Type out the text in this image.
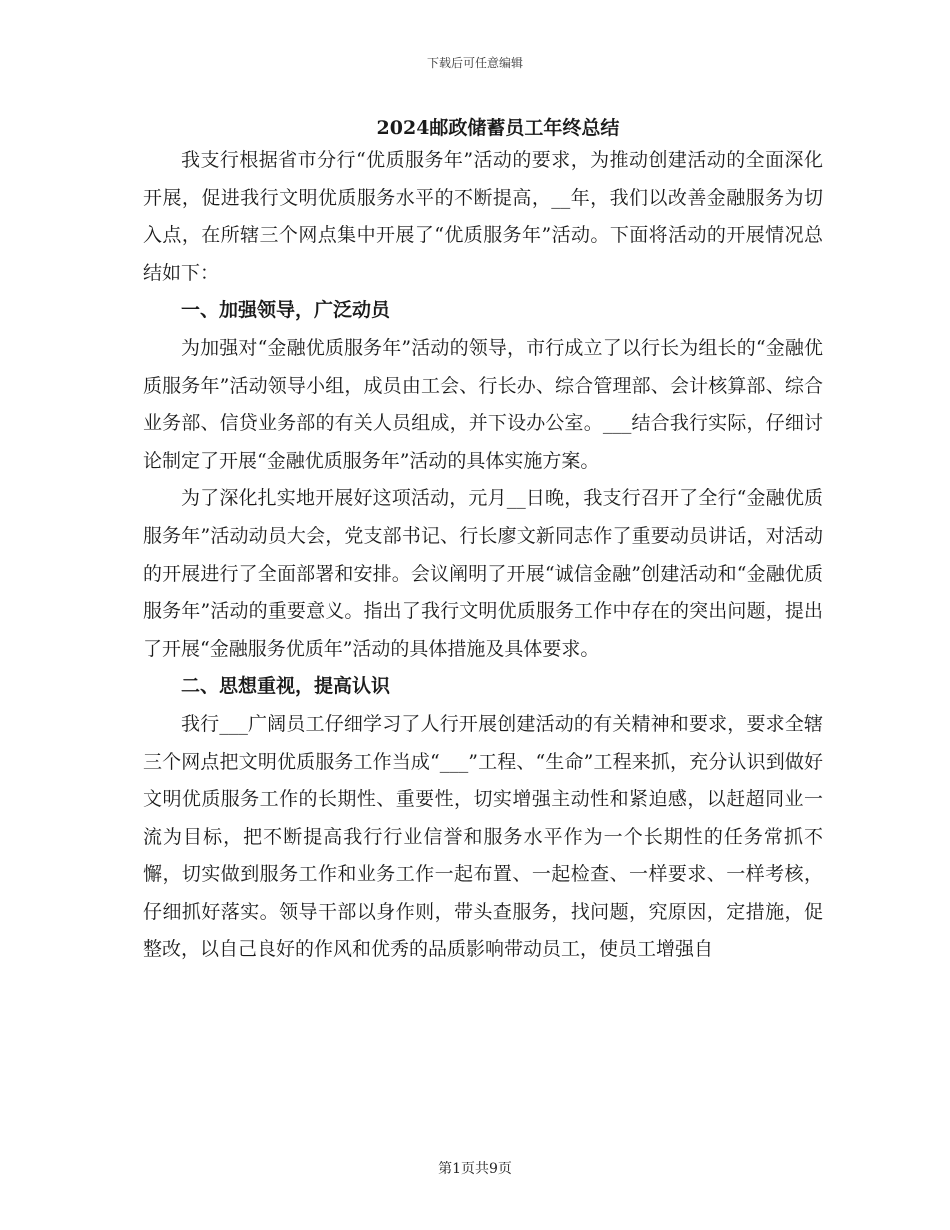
下载后可任意编辑
2024邮政储蓄员工年终总结

我支行根据省市分行“优质服务年”活动的要求，为推动创建活动的全面深化开展，促进我行文明优质服务水平的不断提高，__年，我们以改善金融服务为切入点，在所辖三个网点集中开展了“优质服务年”活动。下面将活动的开展情况总结如下：

一、加强领导，广泛动员

为加强对“金融优质服务年”活动的领导，市行成立了以行长为组长的“金融优质服务年”活动领导小组，成员由工会、行长办、综合管理部、会计核算部、综合业务部、信贷业务部的有关人员组成，并下设办公室。___结合我行实际，仔细讨论制定了开展“金融优质服务年”活动的具体实施方案。

为了深化扎实地开展好这项活动，元月__日晚，我支行召开了全行“金融优质服务年”活动动员大会，党支部书记、行长廖文新同志作了重要动员讲话，对活动的开展进行了全面部署和安排。会议阐明了开展“诚信金融”创建活动和“金融优质服务年”活动的重要意义。指出了我行文明优质服务工作中存在的突出问题，提出了开展“金融服务优质年”活动的具体措施及具体要求。

二、思想重视，提高认识

我行___广阔员工仔细学习了人行开展创建活动的有关精神和要求，要求全辖三个网点把文明优质服务工作当成“___”工程、“生命”工程来抓，充分认识到做好文明优质服务工作的长期性、重要性，切实增强主动性和紧迫感，以赶超同业一流为目标，把不断提高我行行业信誉和服务水平作为一个长期性的任务常抓不懈，切实做到服务工作和业务工作一起布置、一起检查、一样要求、一样考核，仔细抓好落实。领导干部以身作则，带头查服务，找问题，究原因，定措施，促整改，以自己良好的作风和优秀的品质影响带动员工，使员工增强自

第1页共9页
